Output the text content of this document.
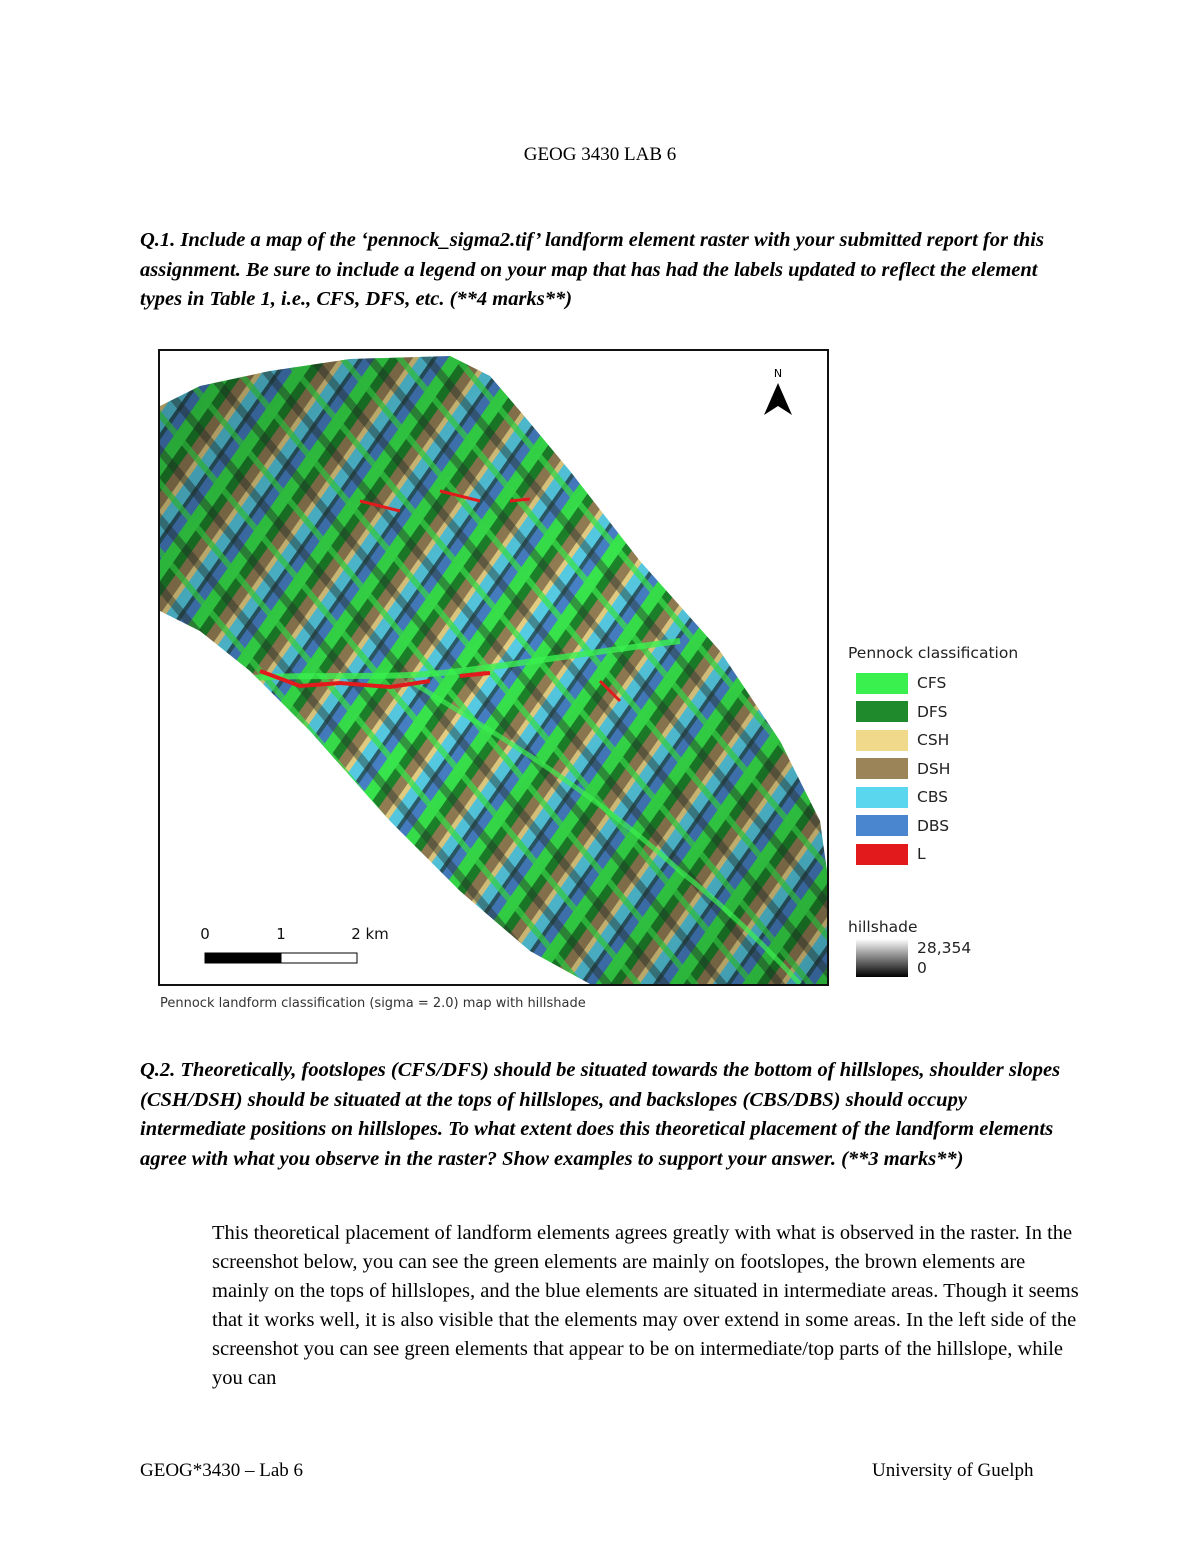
GEOG 3430 LAB 6
Q.1. Include a map of the ‘pennock_sigma2.tif’ landform element raster with your submitted report for this assignment. Be sure to include a legend on your map that has had the labels updated to reflect the element types in Table 1, i.e., CFS, DFS, etc. (**4 marks**)
N
0	1	2 km
Pennock landform classification (sigma = 2.0) map with hillshade
Pennock classification
CFS
DFS
CSH
DSH
CBS
DBS
L
hillshade
28,354
0
Q.2. Theoretically, footslopes (CFS/DFS) should be situated towards the bottom of hillslopes, shoulder slopes (CSH/DSH) should be situated at the tops of hillslopes, and backslopes (CBS/DBS) should occupy intermediate positions on hillslopes. To what extent does this theoretical placement of the landform elements agree with what you observe in the raster? Show examples to support your answer. (**3 marks**)
This theoretical placement of landform elements agrees greatly with what is observed in the raster. In the screenshot below, you can see the green elements are mainly on footslopes, the brown elements are mainly on the tops of hillslopes, and the blue elements are situated in intermediate areas. Though it seems that it works well, it is also visible that the elements may over extend in some areas. In the left side of the screenshot you can see green elements that appear to be on intermediate/top parts of the hillslope, while you can
GEOG*3430 – Lab 6	University of Guelph
